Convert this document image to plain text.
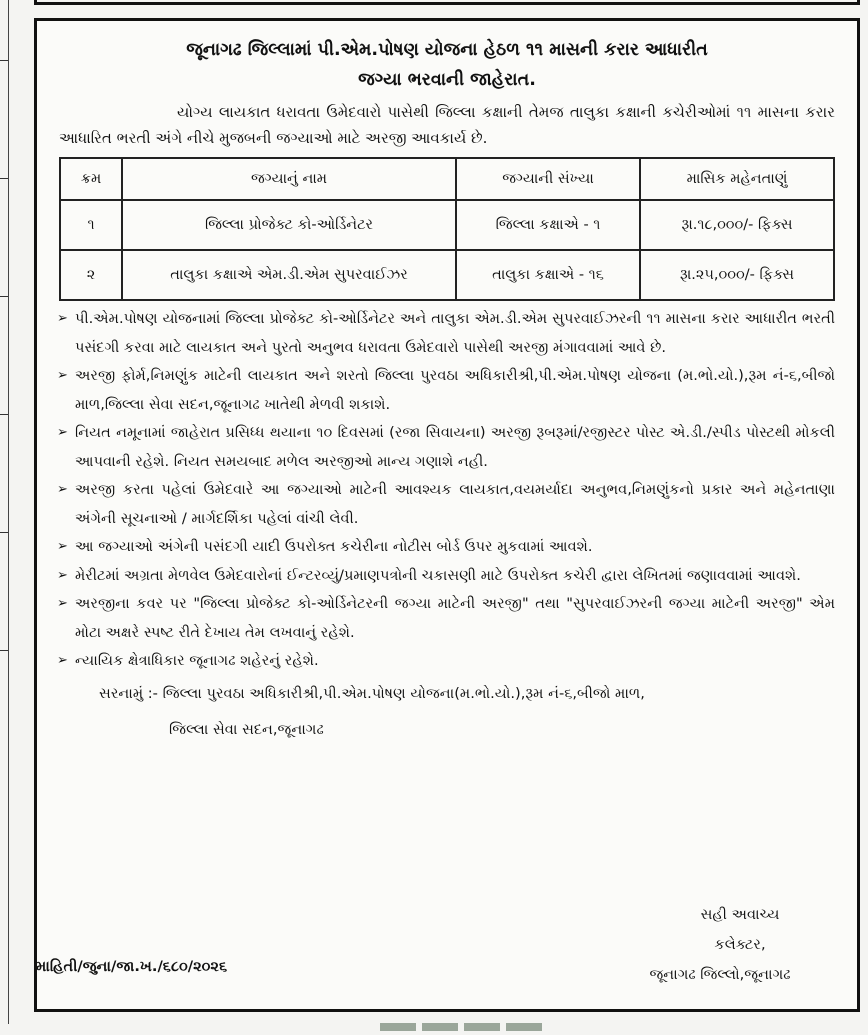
જૂનાગઢ જિલ્લામાં પી.એમ.પોષણ યોજના હેઠળ ૧૧ માસની કરાર આધારીત
જગ્યા ભરવાની જાહેરાત.

યોગ્ય લાયકાત ધરાવતા ઉમેદવારો પાસેથી જિલ્લા કક્ષાની તેમજ તાલુકા કક્ષાની કચેરીઓમાં ૧૧ માસના કરાર આધારિત ભરતી અંગે નીચે મુજબની જગ્યાઓ માટે અરજી આવકાર્ય છે.

ક્રમ	જગ્યાનું નામ	જગ્યાની સંખ્યા	માસિક મહેનતાણું
૧	જિલ્લા પ્રોજેક્ટ કો-ઓર્ડિનેટર	જિલ્લા કક્ષાએ - ૧	રૂા.૧૮,૦૦૦/- ફિક્સ
૨	તાલુકા કક્ષાએ એમ.ડી.એમ સુપરવાઈઝર	તાલુકા કક્ષાએ - ૧૬	રૂા.૨૫,૦૦૦/- ફિક્સ
➢ પી.એમ.પોષણ યોજનામાં જિલ્લા પ્રોજેક્ટ કો-ઓર્ડિનેટર અને તાલુકા એમ.ડી.એમ સુપરવાઈઝરની ૧૧ માસના કરાર આધારીત ભરતી પસંદગી કરવા માટે લાયકાત અને પુરતો અનુભવ ધરાવતા ઉમેદવારો પાસેથી અરજી મંગાવવામાં આવે છે.
➢ અરજી ફોર્મ,નિમણુંક માટેની લાયકાત અને શરતો જિલ્લા પુરવઠા અધિકારીશ્રી,પી.એમ.પોષણ યોજના (મ.ભો.યો.),રૂમ નં-૬,બીજો માળ,જિલ્લા સેવા સદન,જૂનાગઢ ખાતેથી મેળવી શકાશે.
➢ નિયત નમૂનામાં જાહેરાત પ્રસિધ્ધ થયાના ૧૦ દિવસમાં (રજા સિવાયના) અરજી રૂબરૂમાં/રજીસ્ટર પોસ્ટ એ.ડી./સ્પીડ પોસ્ટથી મોકલી આપવાની રહેશે. નિયત સમયબાદ મળેલ અરજીઓ માન્ય ગણાશે નહી.
➢ અરજી કરતા પહેલાં ઉમેદવારે આ જગ્યાઓ માટેની આવશ્યક લાયકાત,વયમર્યાદા અનુભવ,નિમણુંકનો પ્રકાર અને મહેનતાણા અંગેની સૂચનાઓ / માર્ગદર્શિકા પહેલાં વાંચી લેવી.
➢ આ જગ્યાઓ અંગેની પસંદગી યાદી ઉપરોક્ત કચેરીના નોટીસ બોર્ડ ઉપર મુકવામાં આવશે.
➢ મેરીટમાં અગ્રતા મેળવેલ ઉમેદવારોનાં ઈન્ટરવ્યું/પ્રમાણપત્રોની ચકાસણી માટે ઉપરોક્ત કચેરી દ્વારા લેખિતમાં જણાવવામાં આવશે.
➢ અરજીના કવર પર "જિલ્લા પ્રોજેક્ટ કો-ઓર્ડિનેટરની જગ્યા માટેની અરજી" તથા "સુપરવાઈઝરની જગ્યા માટેની અરજી" એમ મોટા અક્ષરે સ્પષ્ટ રીતે દેખાય તેમ લખવાનું રહેશે.
➢ ન્યાયિક ક્ષેત્રાધિકાર જૂનાગઢ શહેરનું રહેશે.
સરનામું :- જિલ્લા પુરવઠા અધિકારીશ્રી,પી.એમ.પોષણ યોજના(મ.ભો.યો.),રૂમ નં-૬,બીજો માળ,
જિલ્લા સેવા સદન,જૂનાગઢ
સહી અવાચ્ય
કલેક્ટર,
જૂનાગઢ જિલ્લો,જૂનાગઢ
માહિતી/જુના/જા.ખ./૬૮૦/૨૦૨૬
